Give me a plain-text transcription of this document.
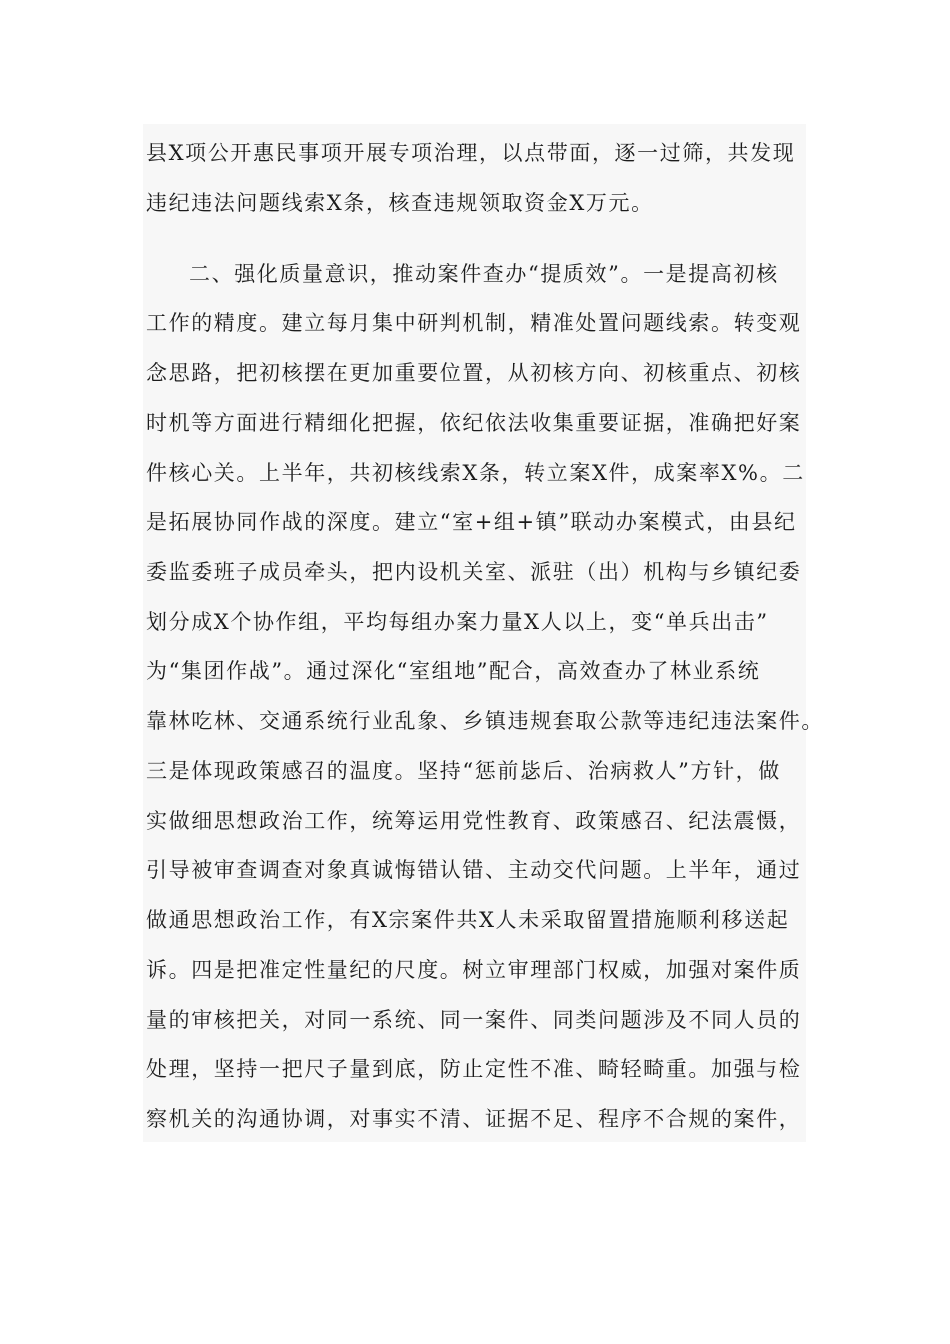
县Ⅹ项公开惠民事项开展专项治理，以点带面，逐一过筛，共发现
违纪违法问题线索Ⅹ条，核查违规领取资金Ⅹ万元。
二、强化质量意识，推动案件查办“提质效”。一是提高初核
工作的精度。建立每月集中研判机制，精准处置问题线索。转变观
念思路，把初核摆在更加重要位置，从初核方向、初核重点、初核
时机等方面进行精细化把握，依纪依法收集重要证据，准确把好案
件核心关。上半年，共初核线索Ⅹ条，转立案Ⅹ件，成案率Ⅹ%。二
是拓展协同作战的深度。建立“室+组+镇”联动办案模式，由县纪
委监委班子成员牵头，把内设机关室、派驻（出）机构与乡镇纪委
划分成Ⅹ个协作组，平均每组办案力量Ⅹ人以上，变“单兵出击”
为“集团作战”。通过深化“室组地”配合，高效查办了林业系统
靠林吃林、交通系统行业乱象、乡镇违规套取公款等违纪违法案件。
三是体现政策感召的温度。坚持“惩前毖后、治病救人”方针，做
实做细思想政治工作，统筹运用党性教育、政策感召、纪法震慑，
引导被审查调查对象真诚悔错认错、主动交代问题。上半年，通过
做通思想政治工作，有Ⅹ宗案件共Ⅹ人未采取留置措施顺利移送起
诉。四是把准定性量纪的尺度。树立审理部门权威，加强对案件质
量的审核把关，对同一系统、同一案件、同类问题涉及不同人员的
处理，坚持一把尺子量到底，防止定性不准、畸轻畸重。加强与检
察机关的沟通协调，对事实不清、证据不足、程序不合规的案件，
